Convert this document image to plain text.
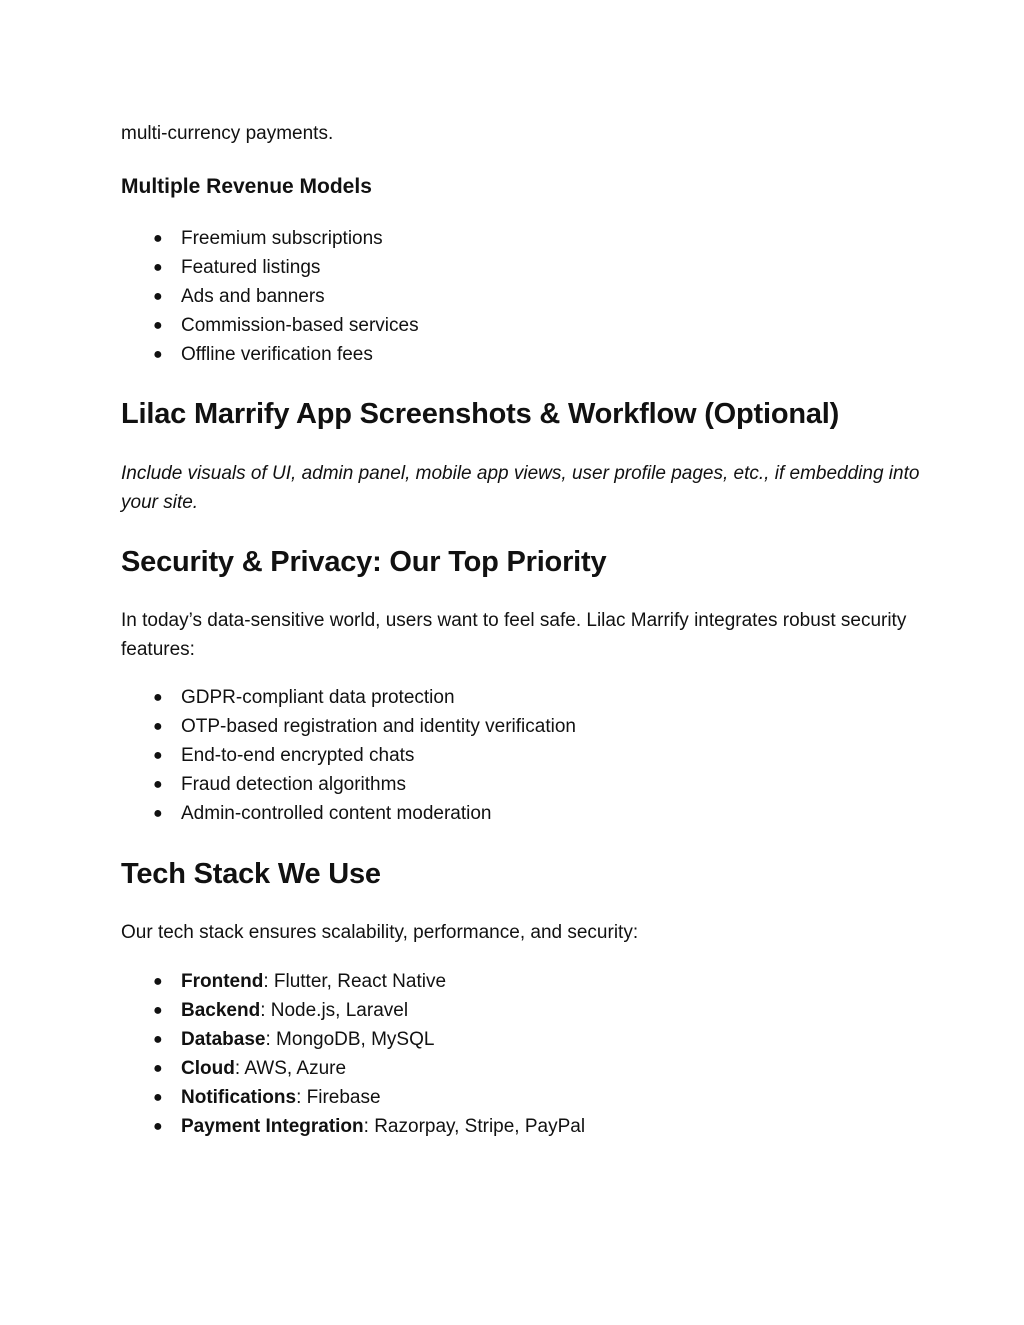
multi-currency payments.

Multiple Revenue Models
● Freemium subscriptions
● Featured listings
● Ads and banners
● Commission-based services
● Offline verification fees
Lilac Marrify App Screenshots & Workflow (Optional)

Include visuals of UI, admin panel, mobile app views, user profile pages, etc., if embedding into your site.

Security & Privacy: Our Top Priority

In today’s data-sensitive world, users want to feel safe. Lilac Marrify integrates robust security features:

● GDPR-compliant data protection
● OTP-based registration and identity verification
● End-to-end encrypted chats
● Fraud detection algorithms
● Admin-controlled content moderation
Tech Stack We Use

Our tech stack ensures scalability, performance, and security:

● Frontend: Flutter, React Native
● Backend: Node.js, Laravel
● Database: MongoDB, MySQL
● Cloud: AWS, Azure
● Notifications: Firebase
● Payment Integration: Razorpay, Stripe, PayPal
